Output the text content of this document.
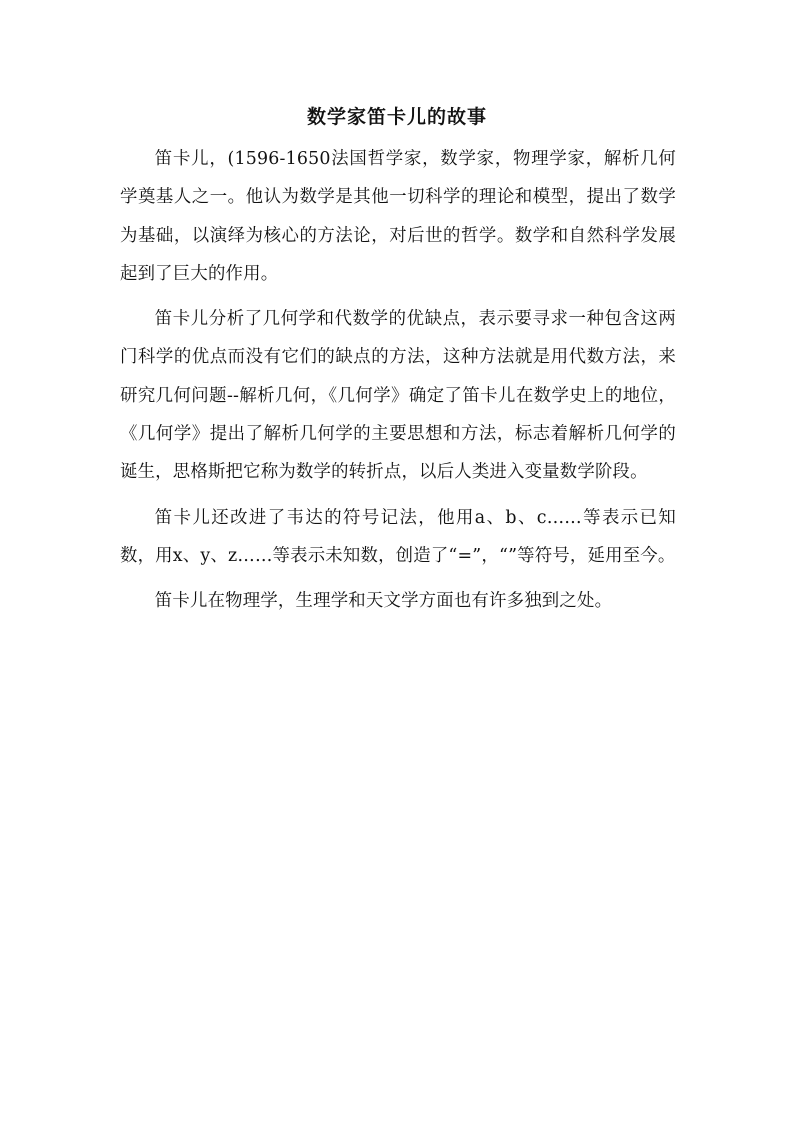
数学家笛卡儿的故事

笛卡儿，(1596-1650法国哲学家，数学家，物理学家，解析几何学奠基人之一。他认为数学是其他一切科学的理论和模型，提出了数学为基础，以演绎为核心的方法论，对后世的哲学。数学和自然科学发展起到了巨大的作用。

笛卡儿分析了几何学和代数学的优缺点，表示要寻求一种包含这两门科学的优点而没有它们的缺点的方法，这种方法就是用代数方法，来研究几何问题--解析几何，《几何学》确定了笛卡儿在数学史上的地位，《几何学》提出了解析几何学的主要思想和方法，标志着解析几何学的诞生，思格斯把它称为数学的转折点，以后人类进入变量数学阶段。

笛卡儿还改进了韦达的符号记法，他用a、b、c……等表示已知数，用x、y、z……等表示未知数，创造了“=”，“”等符号，延用至今。

笛卡儿在物理学，生理学和天文学方面也有许多独到之处。
